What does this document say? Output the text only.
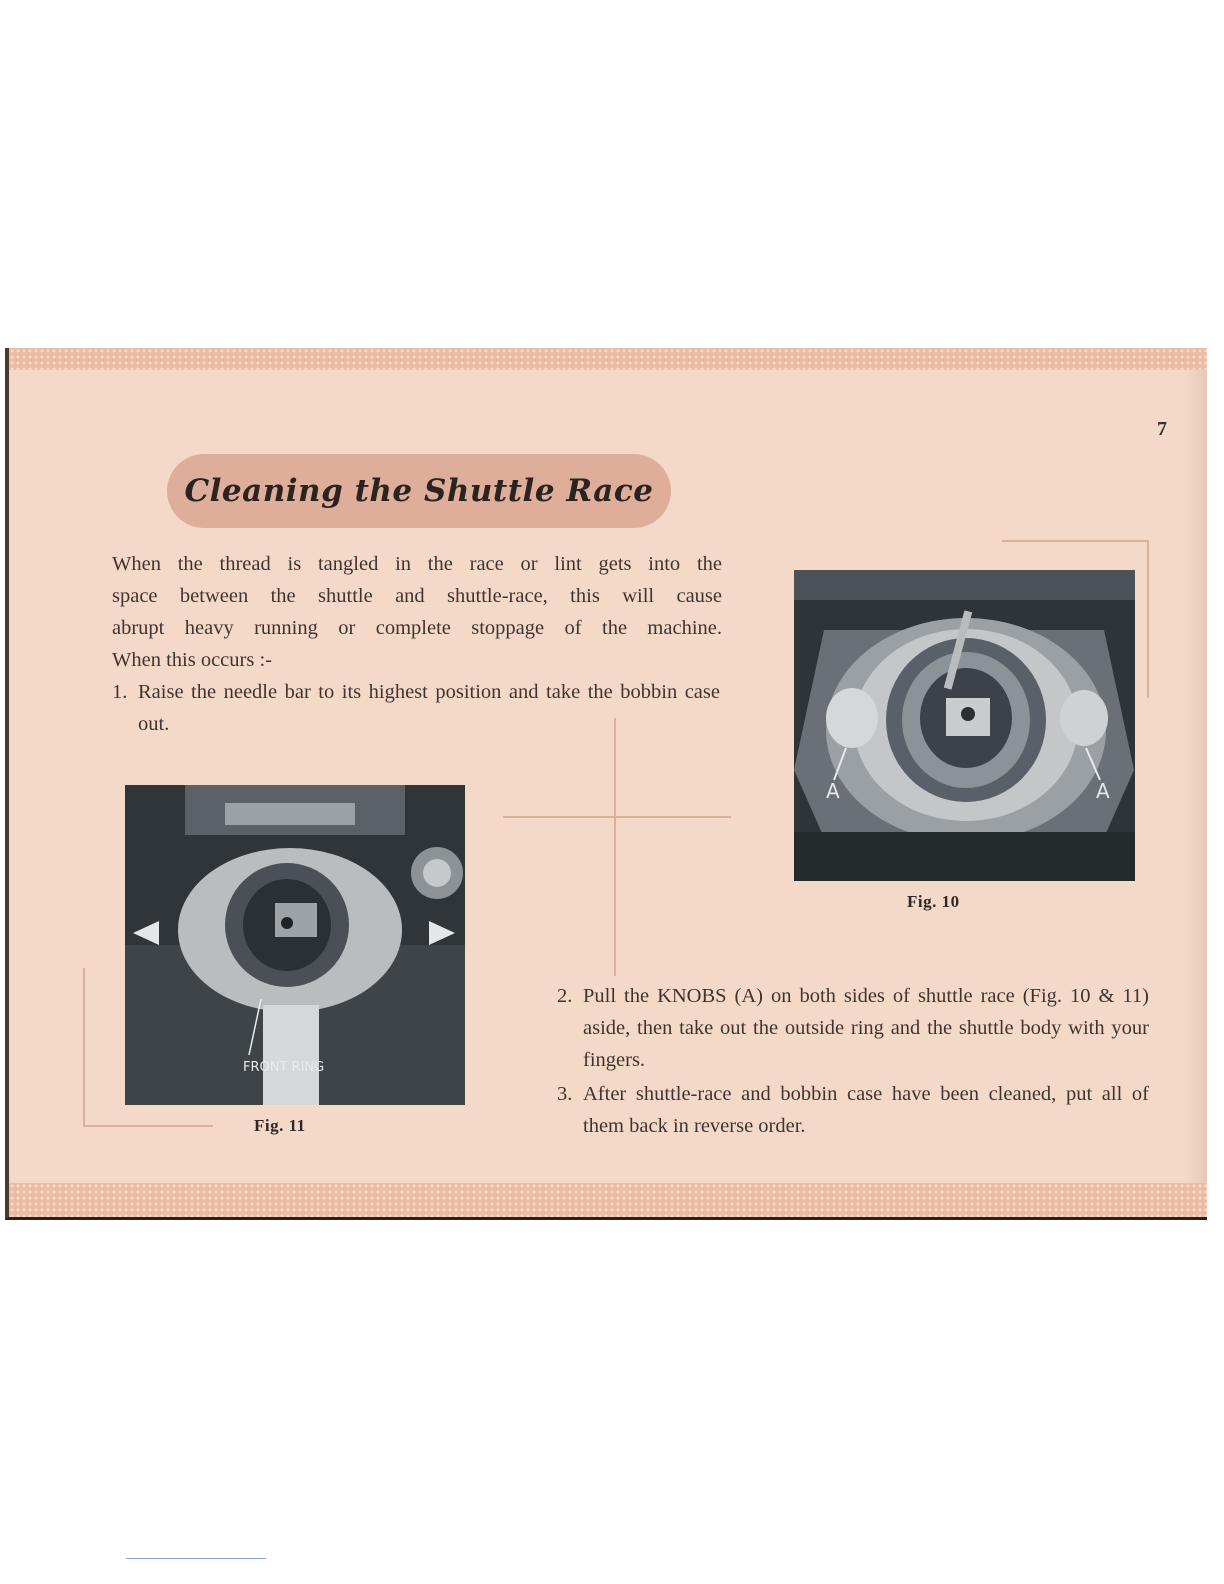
7
Cleaning the Shuttle Race
When the thread is tangled in the race or lint gets into the
space between the shuttle and shuttle-race, this will cause
abrupt heavy running or complete stoppage of the machine.
When this occurs :-
1. Raise the needle bar to its highest position and take the bobbin case out.
2. Pull the KNOBS (A) on both sides of shuttle race (Fig. 10 & 11) aside, then take out the outside ring and the shuttle body with your fingers.
3. After shuttle-race and bobbin case have been cleaned, put all of them back in reverse order.
A	A
Fig. 10
FRONT RING
Fig. 11
